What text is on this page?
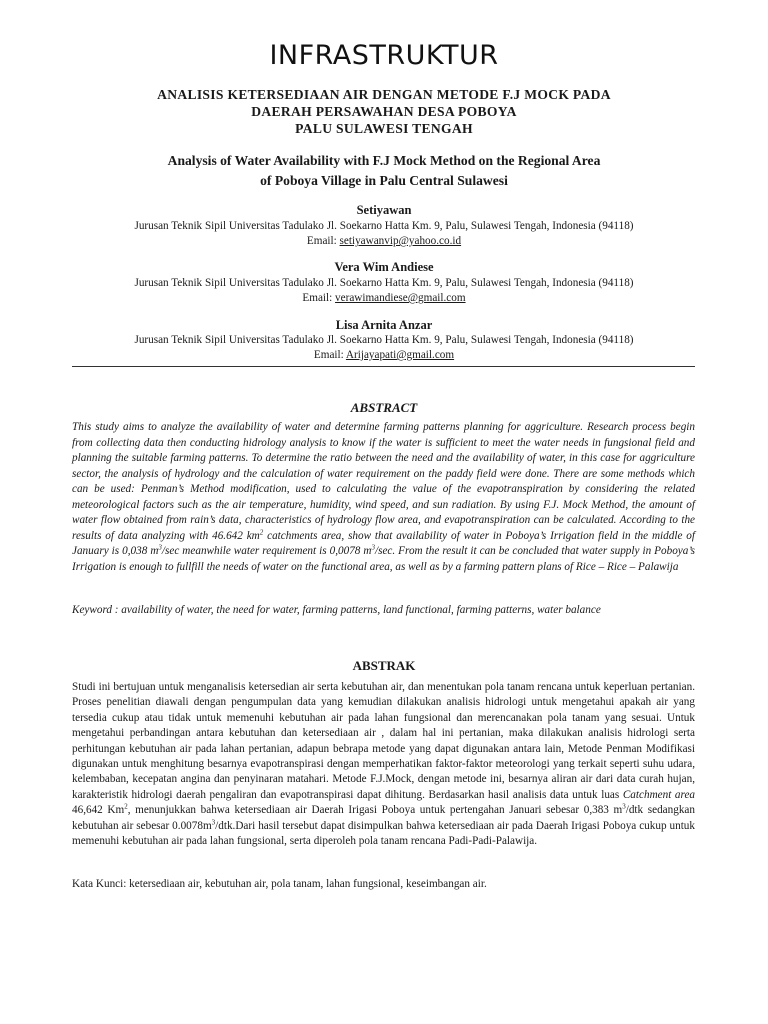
INFRASTRUKTUR
ANALISIS KETERSEDIAAN AIR DENGAN METODE F.J MOCK PADA
DAERAH PERSAWAHAN DESA POBOYA
PALU SULAWESI TENGAH
Analysis of Water Availability with F.J Mock Method on the Regional Area
of Poboya Village in Palu Central Sulawesi
Setiyawan
Jurusan Teknik Sipil Universitas Tadulako Jl. Soekarno Hatta Km. 9, Palu, Sulawesi Tengah, Indonesia (94118)
Email: setiyawanvip@yahoo.co.id
Vera Wim Andiese
Jurusan Teknik Sipil Universitas Tadulako Jl. Soekarno Hatta Km. 9, Palu, Sulawesi Tengah, Indonesia (94118)
Email: verawimandiese@gmail.com
Lisa Arnita Anzar
Jurusan Teknik Sipil Universitas Tadulako Jl. Soekarno Hatta Km. 9, Palu, Sulawesi Tengah, Indonesia (94118)
Email: Arijayapati@gmail.com
ABSTRACT

This study aims to analyze the availability of water and determine farming patterns planning for aggriculture. Research process begin from collecting data then conducting hidrology analysis to know if the water is sufficient to meet the water needs in fungsional field and planning the suitable farming patterns. To determine the ratio between the need and the availability of water, in this case for aggriculture sector, the analysis of hydrology and the calculation of water requirement on the paddy field were done. There are some methods which can be used: Penman’s Method modification, used to calculating the value of the evapotranspiration by considering the related meteorological factors such as the air temperature, humidity, wind speed, and sun radiation. By using F.J. Mock Method, the amount of water flow obtained from rain’s data, characteristics of hydrology flow area, and evapotranspiration can be calculated. According to the results of data analyzing with 46.642 $km^2$ catchments area, show that availability of water in Poboya’s Irrigation field in the middle of January is 0,038 $m^3/\sec$ meanwhile water requirement is 0,0078 $m^3/\sec$. From the result it can be concluded that water supply in Poboya’s Irrigation is enough to fullfill the needs of water on the functional area, as well as by a farming pattern plans of Rice – Rice – Palawija

Keyword : availability of water, the need for water, farming patterns, land functional, farming patterns, water balance

ABSTRAK

Studi ini bertujuan untuk menganalisis ketersedian air serta kebutuhan air, dan menentukan pola tanam rencana untuk keperluan pertanian. Proses penelitian diawali dengan pengumpulan data yang kemudian dilakukan analisis hidrologi untuk mengetahui apakah air yang tersedia cukup atau tidak untuk memenuhi kebutuhan air pada lahan fungsional dan merencanakan pola tanam yang sesuai. Untuk mengetahui perbandingan antara kebutuhan dan ketersediaan air , dalam hal ini pertanian, maka dilakukan analisis hidrologi serta perhitungan kebutuhan air pada lahan pertanian, adapun bebrapa metode yang dapat digunakan antara lain, Metode Penman Modifikasi digunakan untuk menghitung besarnya evapotranspirasi dengan memperhatikan faktor-faktor meteorologi yang terkait seperti suhu udara, kelembaban, kecepatan angina dan penyinaran matahari. Metode F.J.Mock, dengan metode ini, besarnya aliran air dari data curah hujan, karakteristik hidrologi daerah pengaliran dan evapotranspirasi dapat dihitung. Berdasarkan hasil analisis data untuk luas Catchment area 46,642 Km$^2$, menunjukkan bahwa ketersediaan air Daerah Irigasi Poboya untuk pertengahan Januari sebesar 0,383 $m^3$/dtk sedangkan kebutuhan air sebesar $0.0078m^3/dtk.Dari$ hasil tersebut dapat disimpulkan bahwa ketersediaan air pada Daerah Irigasi Poboya cukup untuk memenuhi kebutuhan air pada lahan fungsional, serta diperoleh pola tanam rencana Padi-Padi-Palawija.

Kata Kunci: ketersediaan air, kebutuhan air, pola tanam, lahan fungsional, keseimbangan air.
